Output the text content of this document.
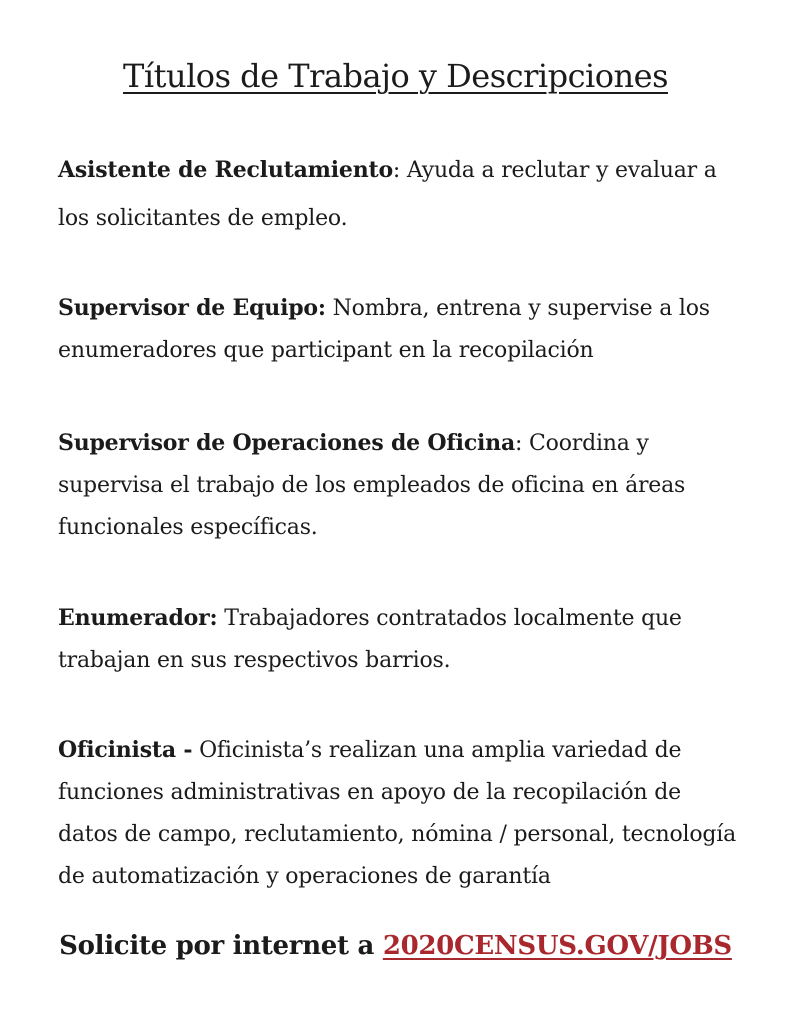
Títulos de Trabajo y Descripciones

Asistente de Reclutamiento: Ayuda a reclutar y evaluar a los solicitantes de empleo.

Supervisor de Equipo: Nombra, entrena y supervise a los enumeradores que participant en la recopilación

Supervisor de Operaciones de Oficina: Coordina y supervisa el trabajo de los empleados de oficina en áreas funcionales específicas.

Enumerador: Trabajadores contratados localmente que trabajan en sus respectivos barrios.

Oficinista - Oficinista’s realizan una amplia variedad de funciones administrativas en apoyo de la recopilación de datos de campo, reclutamiento, nómina / personal, tecnología de automatización y operaciones de garantía

Solicite por internet a 2020CENSUS.GOV/JOBS
